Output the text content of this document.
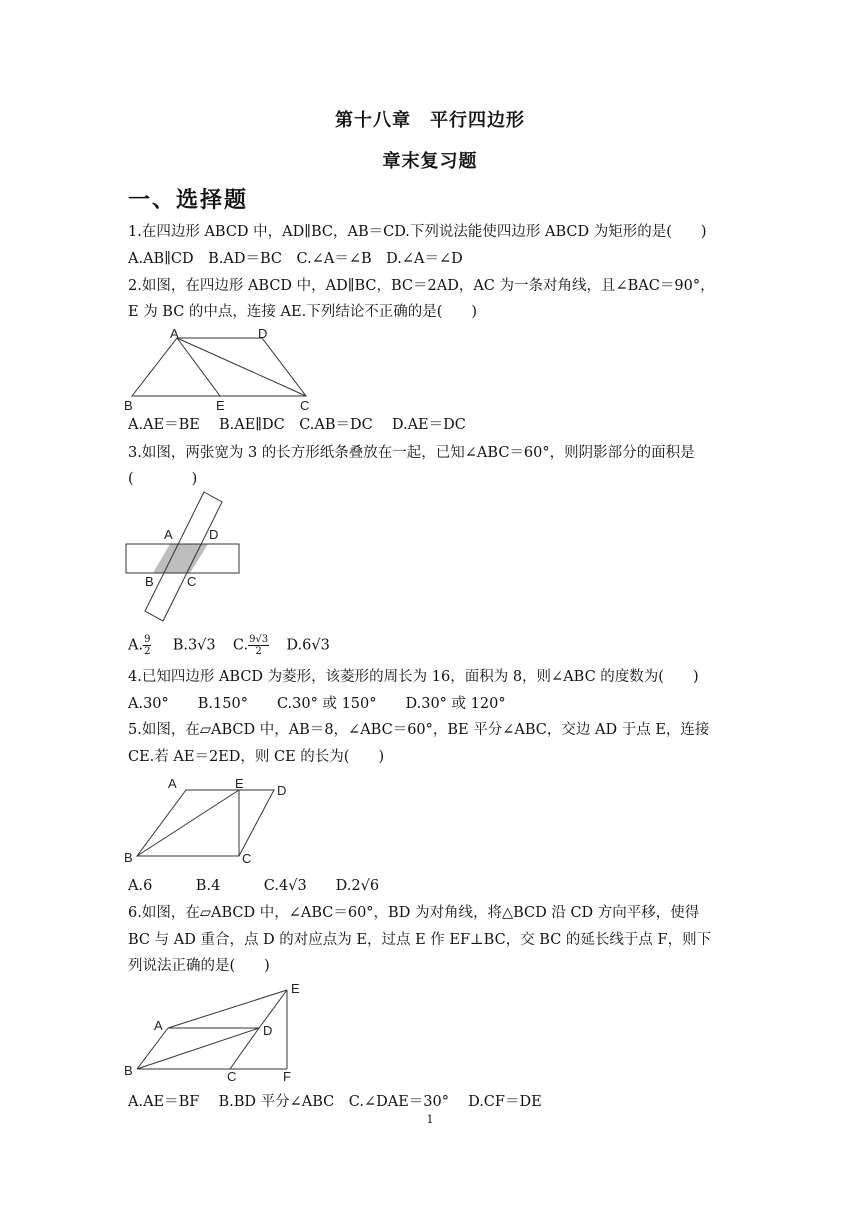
第十八章　平行四边形
章末复习题
一、选择题
1.在四边形 ABCD 中，AD∥BC，AB＝CD.下列说法能使四边形 ABCD 为矩形的是(　　)
A.AB∥CD　B.AD＝BC　C.∠A＝∠B　D.∠A＝∠D
2.如图，在四边形 ABCD 中，AD∥BC，BC＝2AD，AC 为一条对角线，且∠BAC＝90°，
E 为 BC 的中点，连接 AE.下列结论不正确的是(　　)
A	D
B	E	C
A.AE＝BE　 B.AE∥DC　C.AB＝DC　 D.AE＝DC
3.如图，两张宽为 3 的长方形纸条叠放在一起，已知∠ABC＝60°，则阴影部分的面积是
(　　　　)
A	D
B	C
A. $\frac{9}{2} B.3√3$ C. $\frac{9√3}{2} D.6√3$
4.已知四边形 ABCD 为菱形，该菱形的周长为 16，面积为 8，则∠ABC 的度数为(　　)
A.30°　　B.150°　　C.30° 或 150°　　D.30° 或 120°
5.如图，在▱ABCD 中，AB＝8，∠ABC＝60°，BE 平分∠ABC，交边 AD 于点 E，连接
CE.若 AE＝2ED，则 CE 的长为(　　)
A	E	D
B	C
A.6　　　B.4　　　C.4√3　　D.2√6
6.如图，在▱ABCD 中，∠ABC＝60°，BD 为对角线，将△BCD 沿 CD 方向平移，使得
BC 与 AD 重合，点 D 的对应点为 E，过点 E 作 EF⊥BC，交 BC 的延长线于点 F，则下
列说法正确的是(　　)
E
A	D
B	C	F
A.AE＝BF　 B.BD 平分∠ABC　C.∠DAE＝30°　 D.CF＝DE
1
